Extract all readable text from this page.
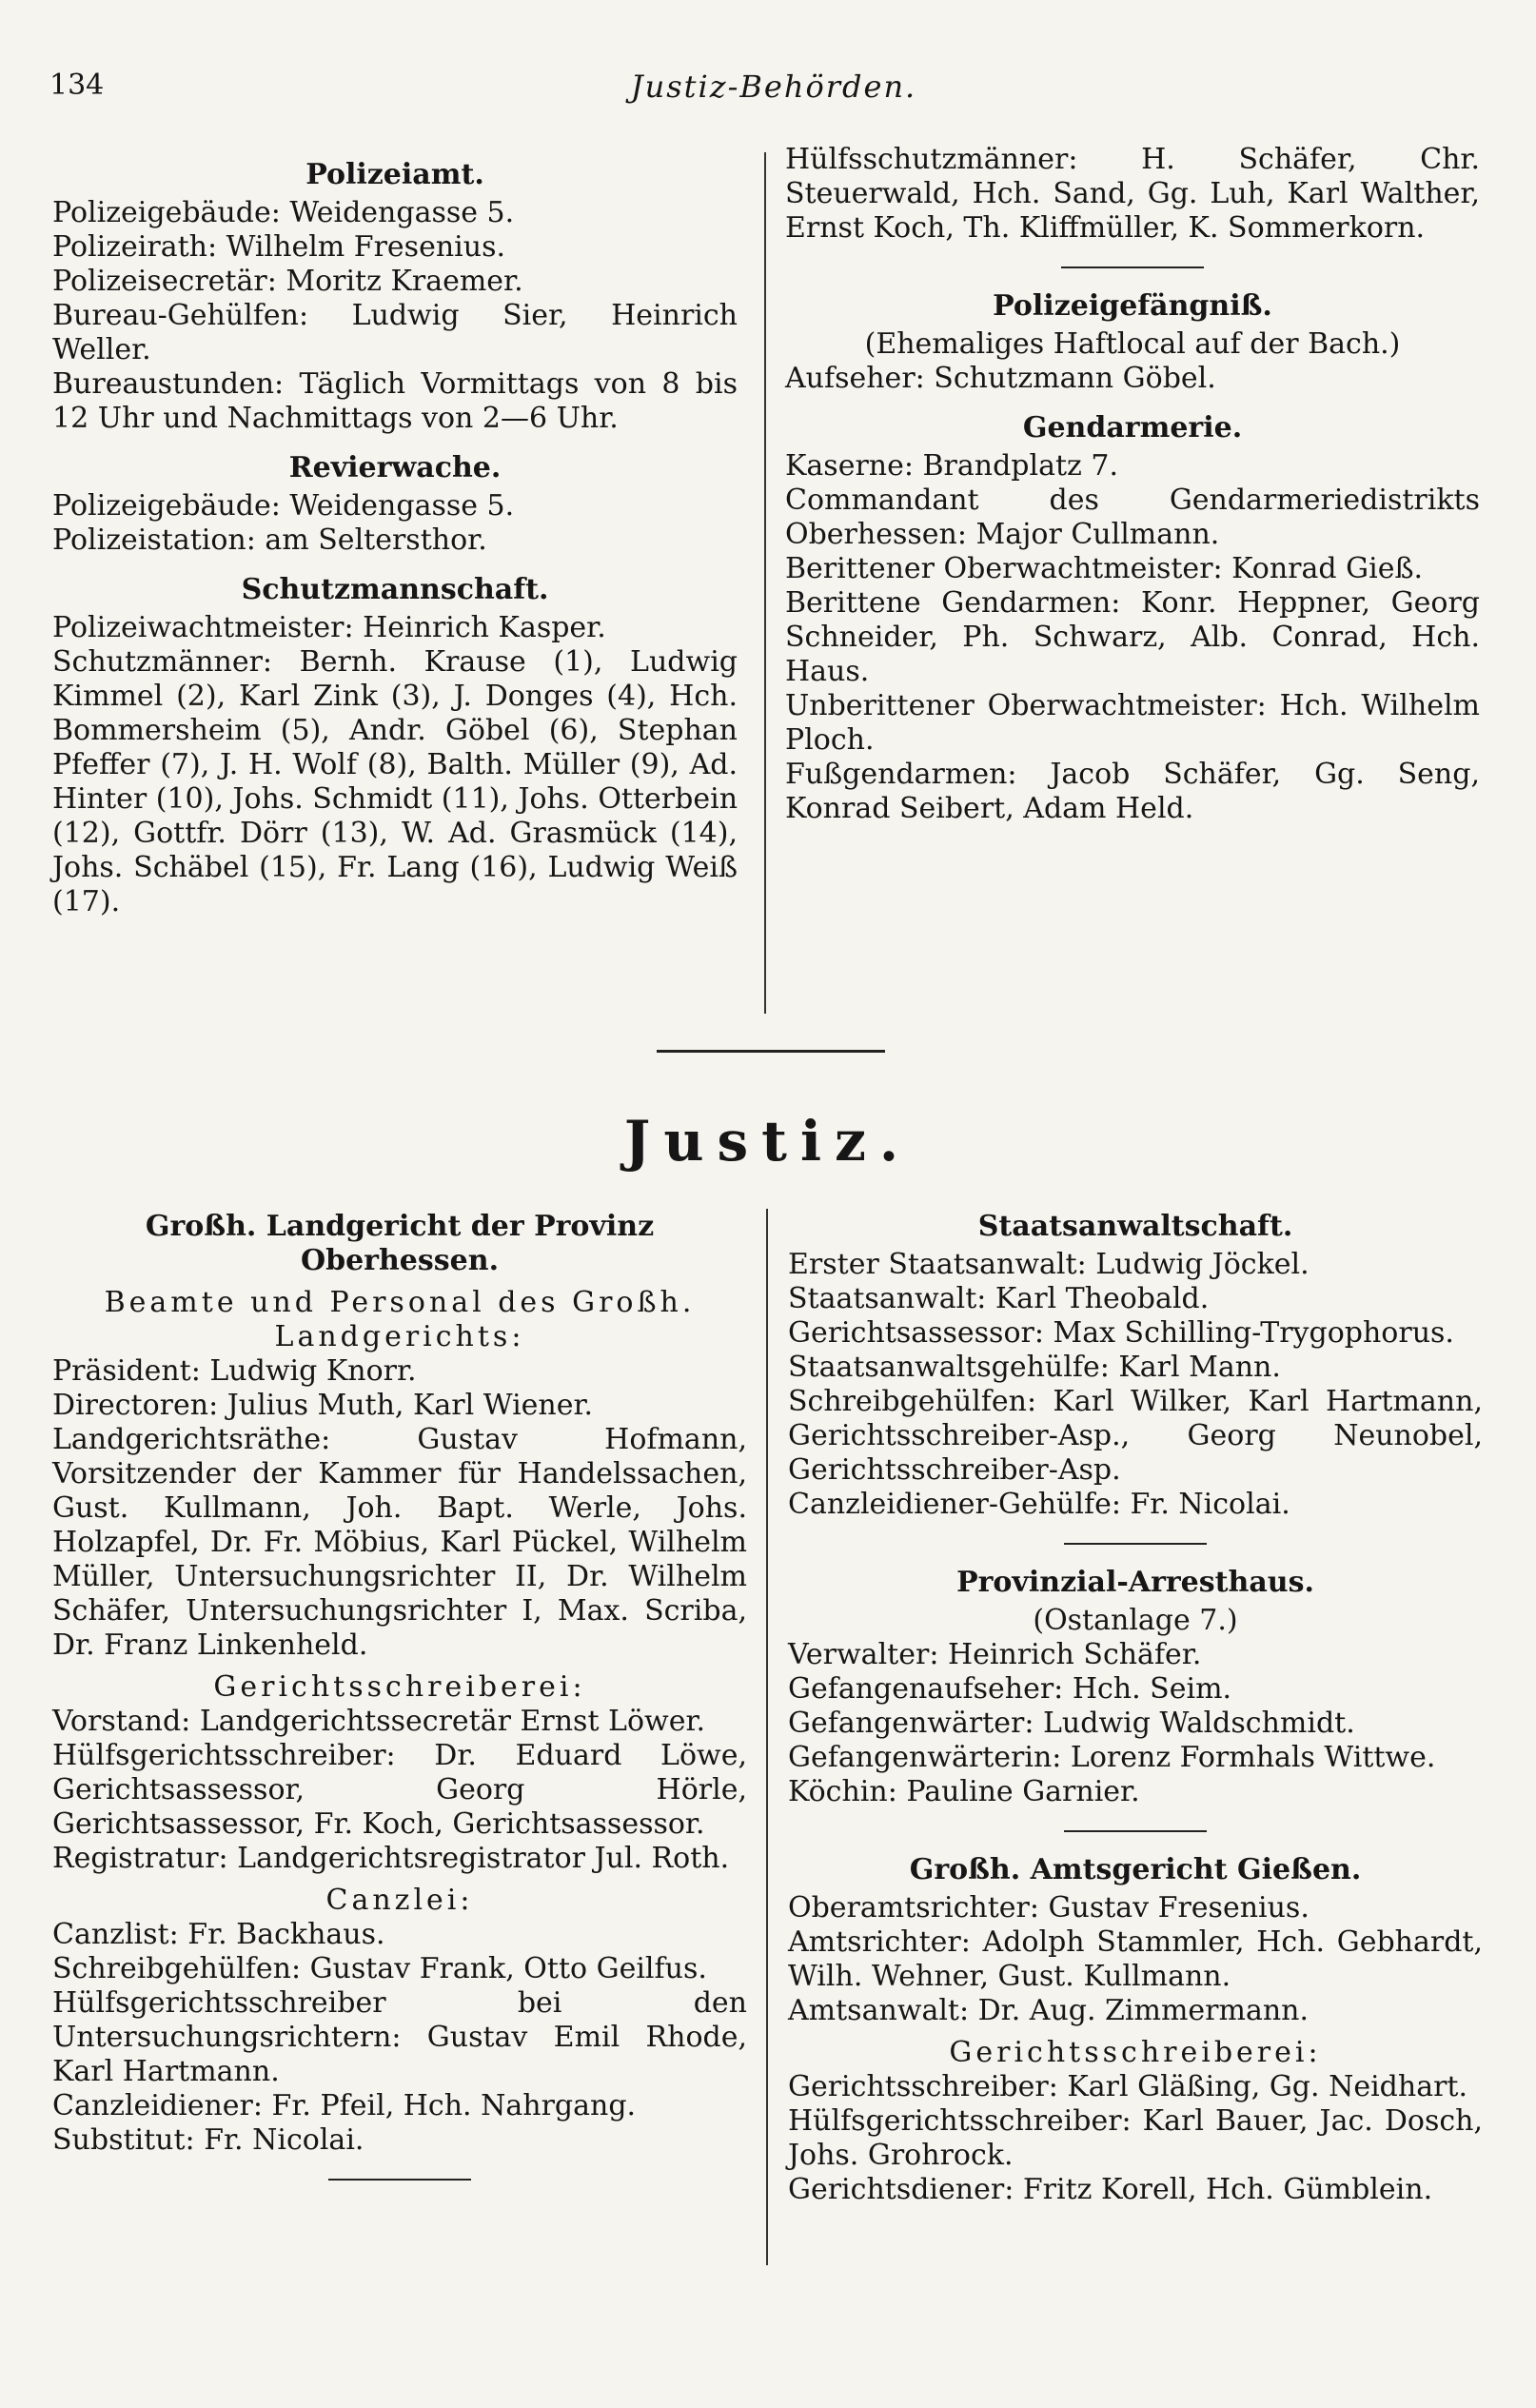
134	Justiz-Behörden.

Polizeiamt.

Polizeigebäude: Weidengasse 5.

Polizeirath: Wilhelm Fresenius.

Polizeisecretär: Moritz Kraemer.

Bureau-Gehülfen: Ludwig Sier, Heinrich Weller.

Bureaustunden: Täglich Vormittags von 8 bis 12 Uhr und Nachmittags von 2—6 Uhr.

Revierwache.

Polizeigebäude: Weidengasse 5.

Polizeistation: am Seltersthor.

Schutzmannschaft.

Polizeiwachtmeister: Heinrich Kasper.

Schutzmänner: Bernh. Krause (1), Ludwig Kimmel (2), Karl Zink (3), J. Donges (4), Hch. Bommersheim (5), Andr. Göbel (6), Stephan Pfeffer (7), J. H. Wolf (8), Balth. Müller (9), Ad. Hinter (10), Johs. Schmidt (11), Johs. Otterbein (12), Gottfr. Dörr (13), W. Ad. Grasmück (14), Johs. Schäbel (15), Fr. Lang (16), Ludwig Weiß (17).

Hülfsschutzmänner: H. Schäfer, Chr. Steuerwald, Hch. Sand, Gg. Luh, Karl Walther, Ernst Koch, Th. Kliffmüller, K. Sommerkorn.

Polizeigefängniß.

(Ehemaliges Haftlocal auf der Bach.)

Aufseher: Schutzmann Göbel.

Gendarmerie.

Kaserne: Brandplatz 7.

Commandant des Gendarmeriedistrikts Oberhessen: Major Cullmann.

Berittener Oberwachtmeister: Konrad Gieß.

Berittene Gendarmen: Konr. Heppner, Georg Schneider, Ph. Schwarz, Alb. Conrad, Hch. Haus.

Unberittener Oberwachtmeister: Hch. Wilhelm Ploch.

Fußgendarmen: Jacob Schäfer, Gg. Seng, Konrad Seibert, Adam Held.

Justiz.

Großh. Landgericht der Provinz Oberhessen.

Beamte und Personal des Großh. Landgerichts:

Präsident: Ludwig Knorr.

Directoren: Julius Muth, Karl Wiener.

Landgerichtsräthe: Gustav Hofmann, Vorsitzender der Kammer für Handelssachen, Gust. Kullmann, Joh. Bapt. Werle, Johs. Holzapfel, Dr. Fr. Möbius, Karl Pückel, Wilhelm Müller, Untersuchungsrichter II, Dr. Wilhelm Schäfer, Untersuchungsrichter I, Max. Scriba, Dr. Franz Linkenheld.

Gerichtsschreiberei:

Vorstand: Landgerichtssecretär Ernst Löwer.

Hülfsgerichtsschreiber: Dr. Eduard Löwe, Gerichtsassessor, Georg Hörle, Gerichtsassessor, Fr. Koch, Gerichtsassessor.

Registratur: Landgerichtsregistrator Jul. Roth.

Canzlei:

Canzlist: Fr. Backhaus.

Schreibgehülfen: Gustav Frank, Otto Geilfus.

Hülfsgerichtsschreiber bei den Untersuchungsrichtern: Gustav Emil Rhode, Karl Hartmann.

Canzleidiener: Fr. Pfeil, Hch. Nahrgang.

Substitut: Fr. Nicolai.

Staatsanwaltschaft.

Erster Staatsanwalt: Ludwig Jöckel.

Staatsanwalt: Karl Theobald.

Gerichtsassessor: Max Schilling-Trygophorus.

Staatsanwaltsgehülfe: Karl Mann.

Schreibgehülfen: Karl Wilker, Karl Hartmann, Gerichtsschreiber-Asp., Georg Neunobel, Gerichtsschreiber-Asp.

Canzleidiener-Gehülfe: Fr. Nicolai.

Provinzial-Arresthaus.

(Ostanlage 7.)

Verwalter: Heinrich Schäfer.

Gefangenaufseher: Hch. Seim.

Gefangenwärter: Ludwig Waldschmidt.

Gefangenwärterin: Lorenz Formhals Wittwe.

Köchin: Pauline Garnier.

Großh. Amtsgericht Gießen.

Oberamtsrichter: Gustav Fresenius.

Amtsrichter: Adolph Stammler, Hch. Gebhardt, Wilh. Wehner, Gust. Kullmann.

Amtsanwalt: Dr. Aug. Zimmermann.

Gerichtsschreiberei:

Gerichtsschreiber: Karl Gläßing, Gg. Neidhart.

Hülfsgerichtsschreiber: Karl Bauer, Jac. Dosch, Johs. Grohrock.

Gerichtsdiener: Fritz Korell, Hch. Gümblein.
